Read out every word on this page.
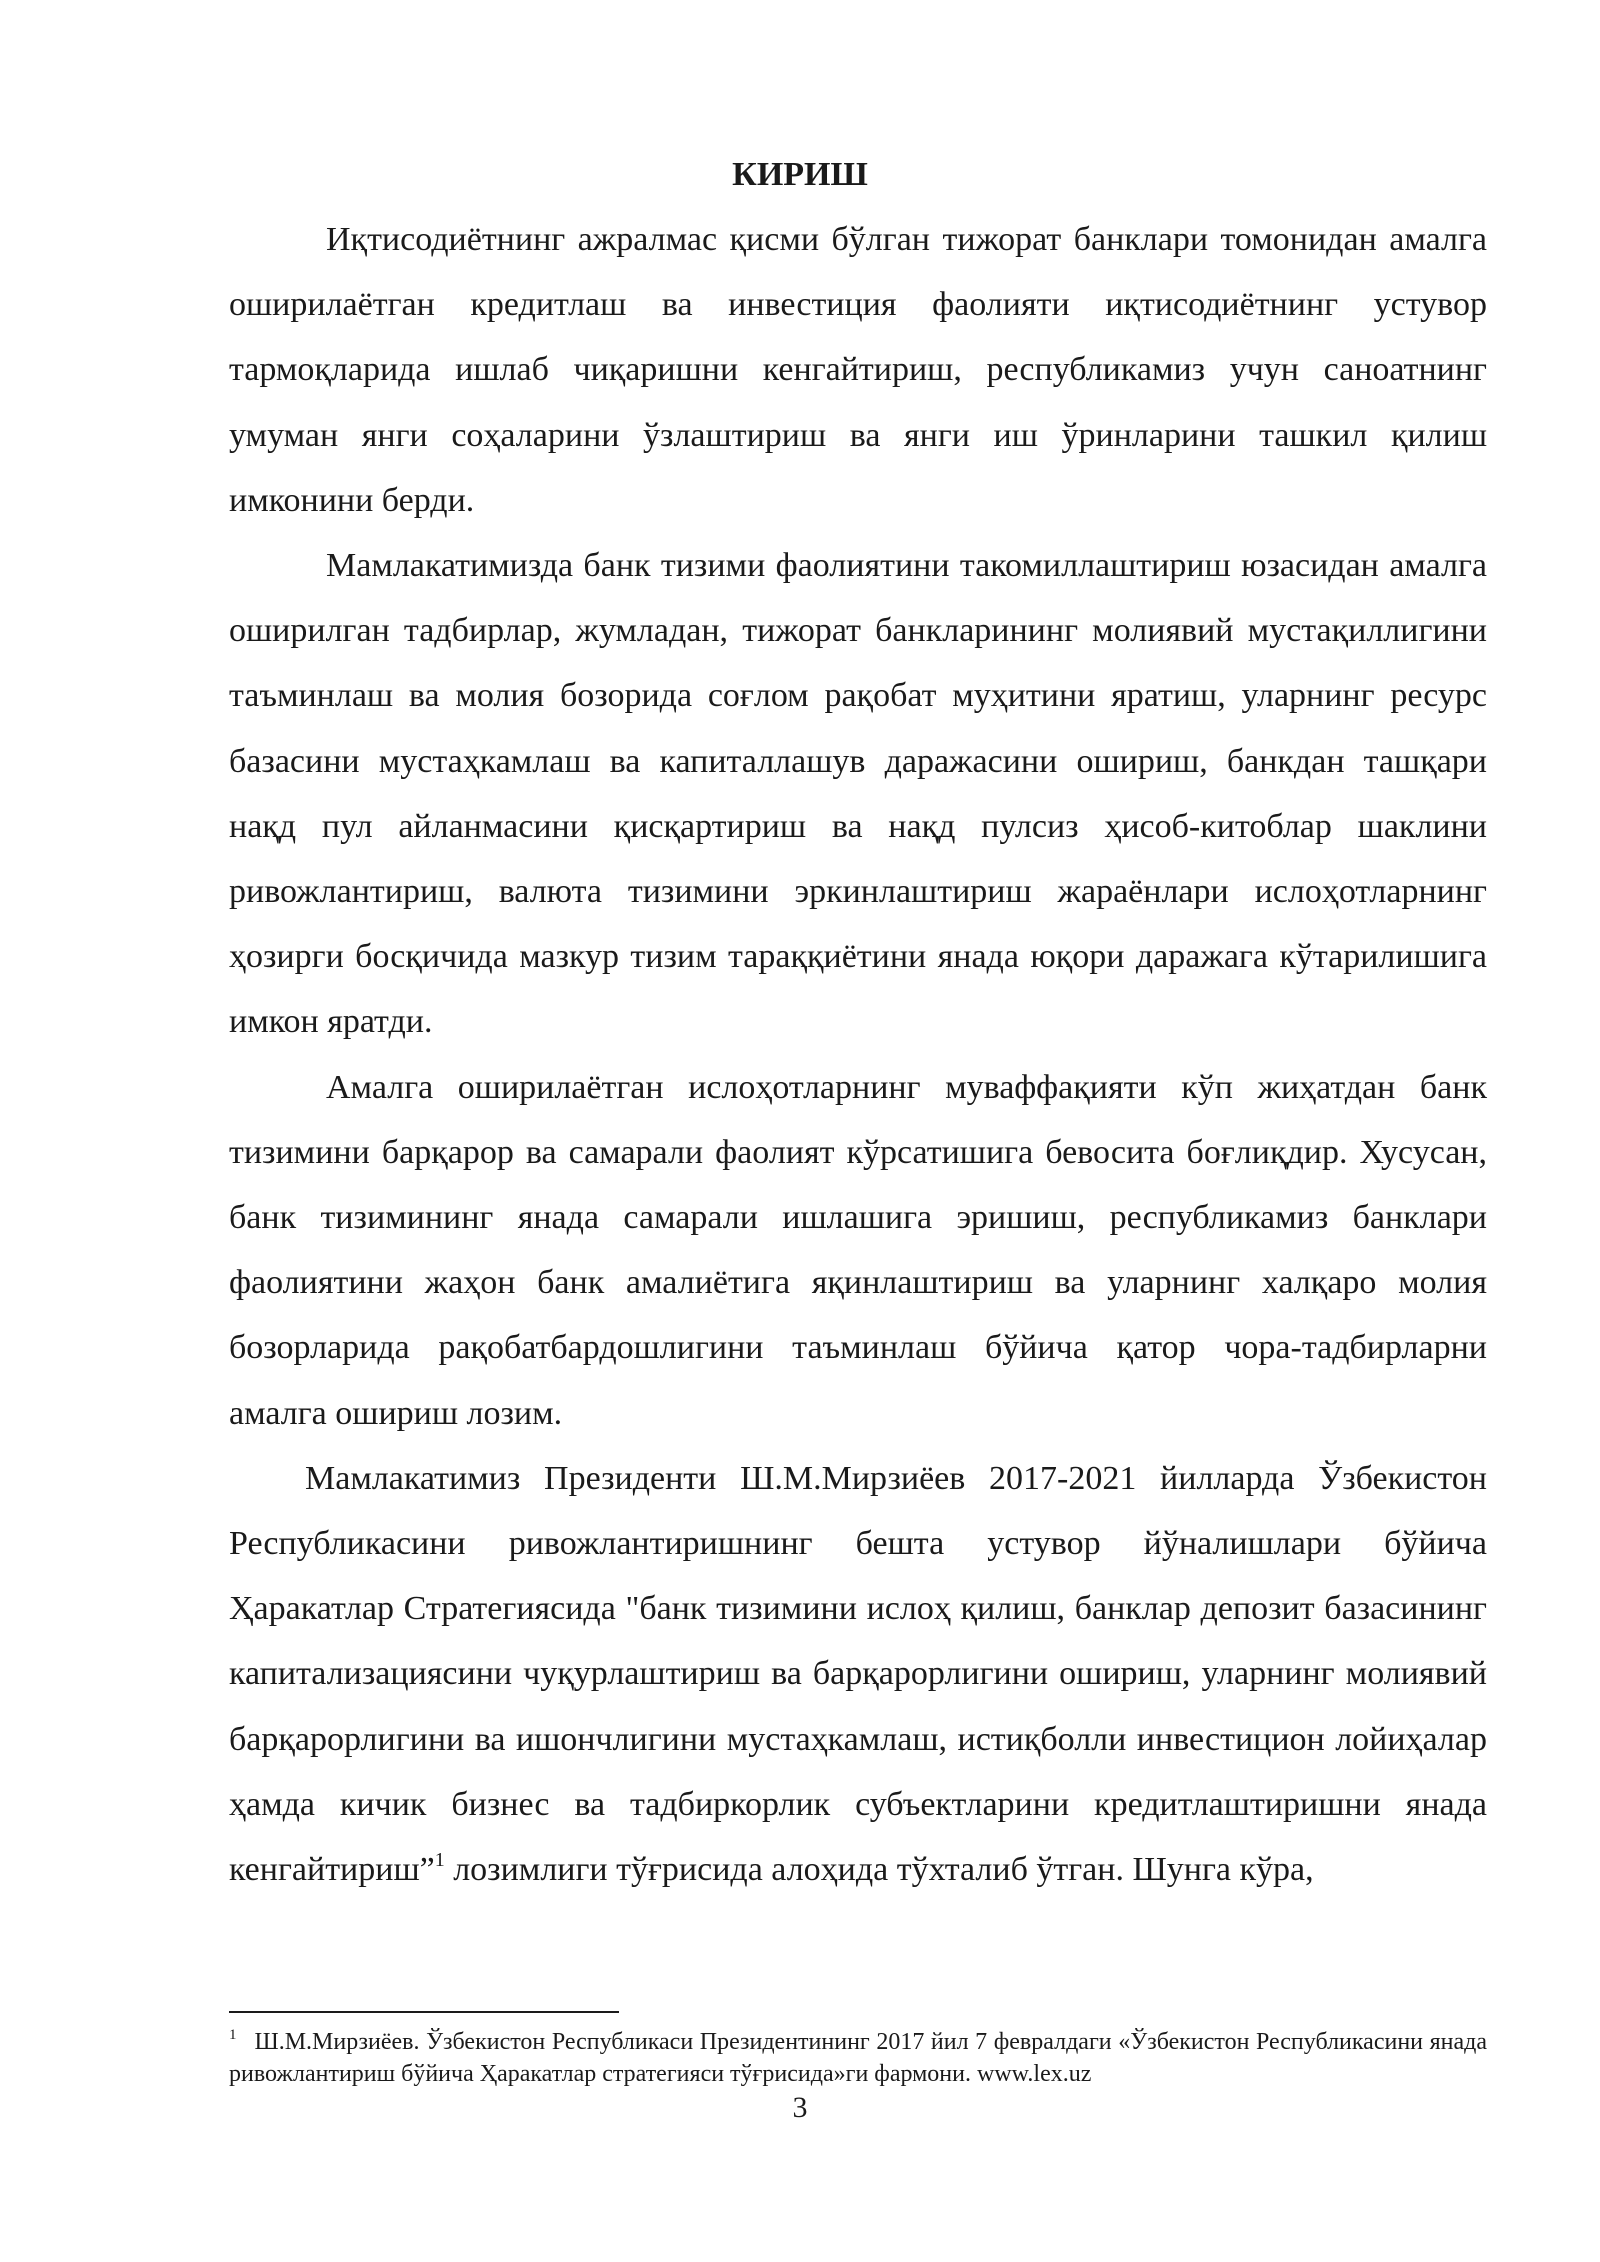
КИРИШ

Иқтисодиётнинг ажралмас қисми бўлган тижорат банклари томонидан амалга оширилаётган кредитлаш ва инвестиция фаолияти иқтисодиётнинг устувор тармоқларида ишлаб чиқаришни кенгайтириш, республикамиз учун саноатнинг умуман янги соҳаларини ўзлаштириш ва янги иш ўринларини ташкил қилиш имконини берди.

Мамлакатимизда банк тизими фаолиятини такомиллаштириш юзасидан амалга оширилган тадбирлар, жумладан, тижорат банкларининг молиявий мустақиллигини таъминлаш ва молия бозорида соғлом рақобат муҳитини яратиш, уларнинг ресурс базасини мустаҳкамлаш ва капиталлашув даражасини ошириш, банкдан ташқари нақд пул айланмасини қисқартириш ва нақд пулсиз ҳисоб-китоблар шаклини ривожлантириш, валюта тизимини эркинлаштириш жараёнлари ислоҳотларнинг ҳозирги босқичида мазкур тизим тараққиётини янада юқори даражага кўтарилишига имкон яратди.

Амалга оширилаётган ислоҳотларнинг муваффақияти кўп жиҳатдан банк тизимини барқарор ва самарали фаолият кўрсатишига бевосита боғлиқдир. Хусусан, банк тизимининг янада самарали ишлашига эришиш, республикамиз банклари фаолиятини жаҳон банк амалиётига яқинлаштириш ва уларнинг халқаро молия бозорларида рақобатбардошлигини таъминлаш бўйича қатор чора-тадбирларни амалга ошириш лозим.

Мамлакатимиз Президенти Ш.М.Мирзиёев 2017-2021 йилларда Ўзбекистон Республикасини ривожлантиришнинг бешта устувор йўналишлари бўйича Ҳаракатлар Стратегиясида "банк тизимини ислоҳ қилиш, банклар депозит базасининг капитализациясини чуқурлаштириш ва барқарорлигини ошириш, уларнинг молиявий барқарорлигини ва ишончлигини мустаҳкамлаш, истиқболли инвестицион лойиҳалар ҳамда кичик бизнес ва тадбиркорлик субъектларини кредитлаштиришни янада кенгайтириш”$^1$ лозимлиги тўғрисида алоҳида тўхталиб ўтган. Шунга кўра,

$^1$ Ш.М.Мирзиёев. Ўзбекистон Республикаси Президентининг 2017 йил 7 февралдаги «Ўзбекистон Республикасини янада ривожлантириш бўйича Ҳаракатлар стратегияси тўғрисида»ги фармони. www.lex.uz

3
